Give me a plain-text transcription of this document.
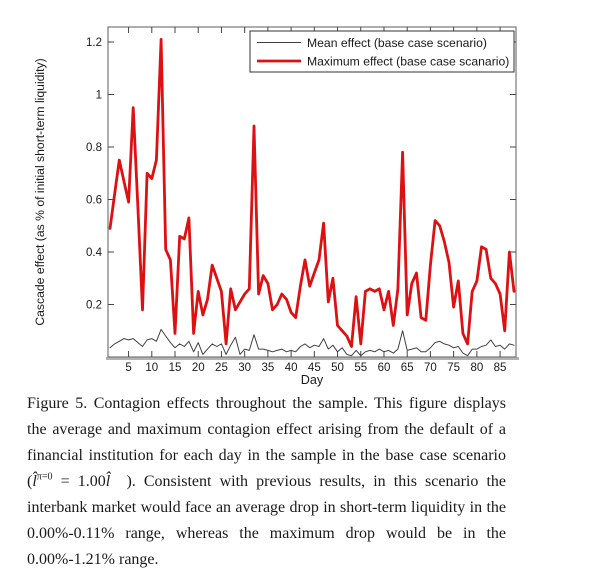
5 10 15 20 25 30 35 40 45 50 55 60 65 70 75 80 85
0.2
0.4
0.6
0.8
1
1.2
Cascade effect (as % of initial short-term liquidity)
Day
Mean effect (base case scenario)
Maximum effect (base case scanario)

Figure 5. Contagion effects throughout the sample. This figure displays the average and maximum contagion effect arising from the default of a financial institution for each day in the sample in the base case scenario (l̂$^{\pi=0}$ = 1.00l̂  ). Consistent with previous results, in this scenario the interbank market would face an average drop in short-term liquidity in the 0.00%-0.11% range, whereas the maximum drop would be in the 0.00%-1.21% range.
